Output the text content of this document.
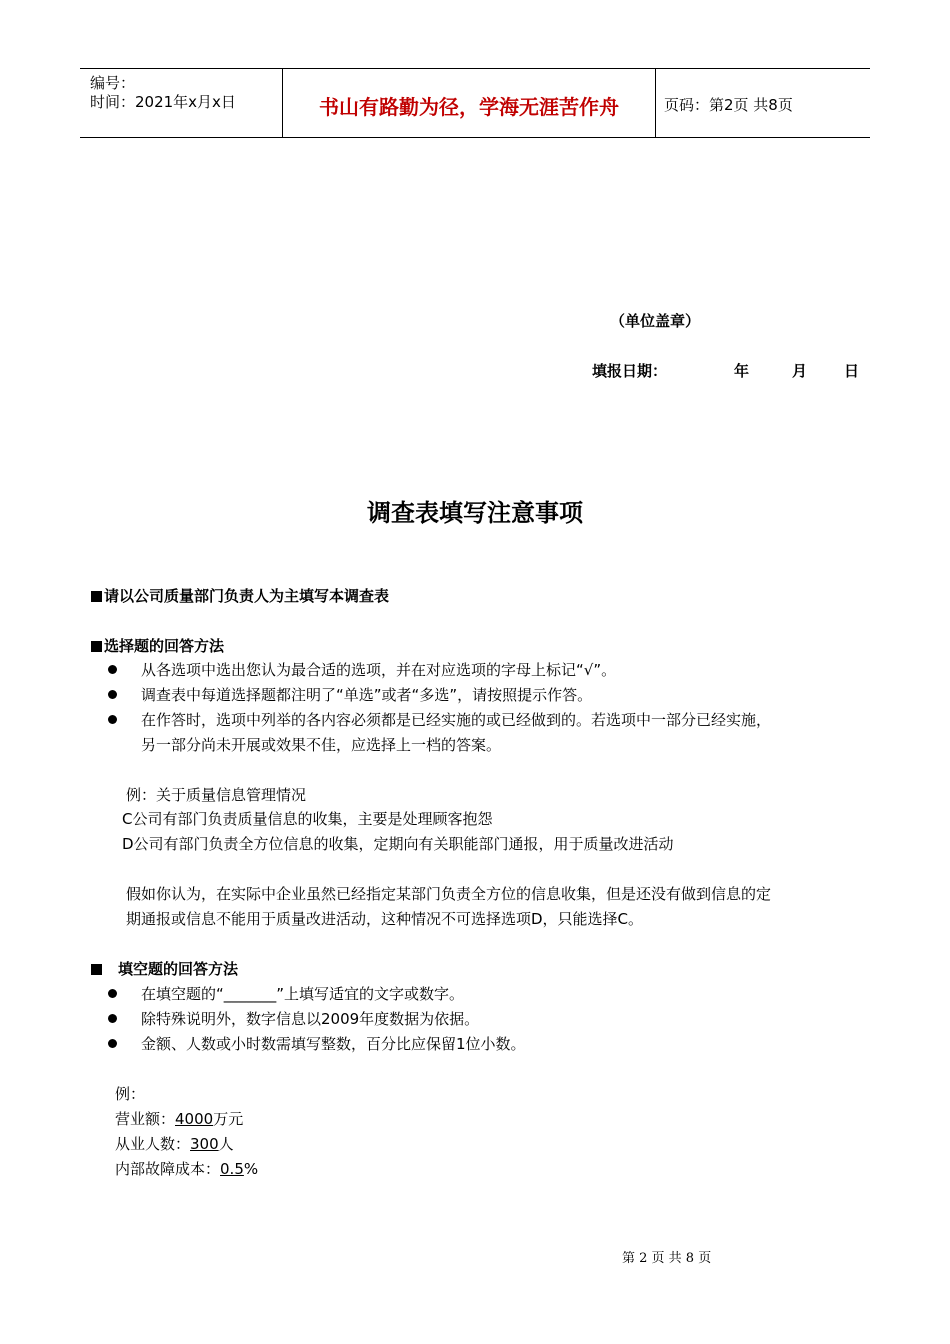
编号：
时间：2021年x月x日	书山有路勤为径，学海无涯苦作舟	页码：第2页 共8页
（单位盖章）
填报日期：	年	月 日
调查表填写注意事项
请以公司质量部门负责人为主填写本调查表
选择题的回答方法
从各选项中选出您认为最合适的选项，并在对应选项的字母上标记“√”。
调查表中每道选择题都注明了“单选”或者“多选”，请按照提示作答。
在作答时，选项中列举的各内容必须都是已经实施的或已经做到的。若选项中一部分已经实施，
另一部分尚未开展或效果不佳，应选择上一档的答案。
例：关于质量信息管理情况
C公司有部门负责质量信息的收集，主要是处理顾客抱怨
D公司有部门负责全方位信息的收集，定期向有关职能部门通报，用于质量改进活动
假如你认为，在实际中企业虽然已经指定某部门负责全方位的信息收集，但是还没有做到信息的定
期通报或信息不能用于质量改进活动，这种情况不可选择选项D，只能选择C。
填空题的回答方法
在填空题的“_______”上填写适宜的文字或数字。
除特殊说明外，数字信息以2009年度数据为依据。
金额、人数或小时数需填写整数，百分比应保留1位小数。
例：
营业额：4000万元
从业人数：300人
内部故障成本：0.5%
第 2 页 共 8 页
